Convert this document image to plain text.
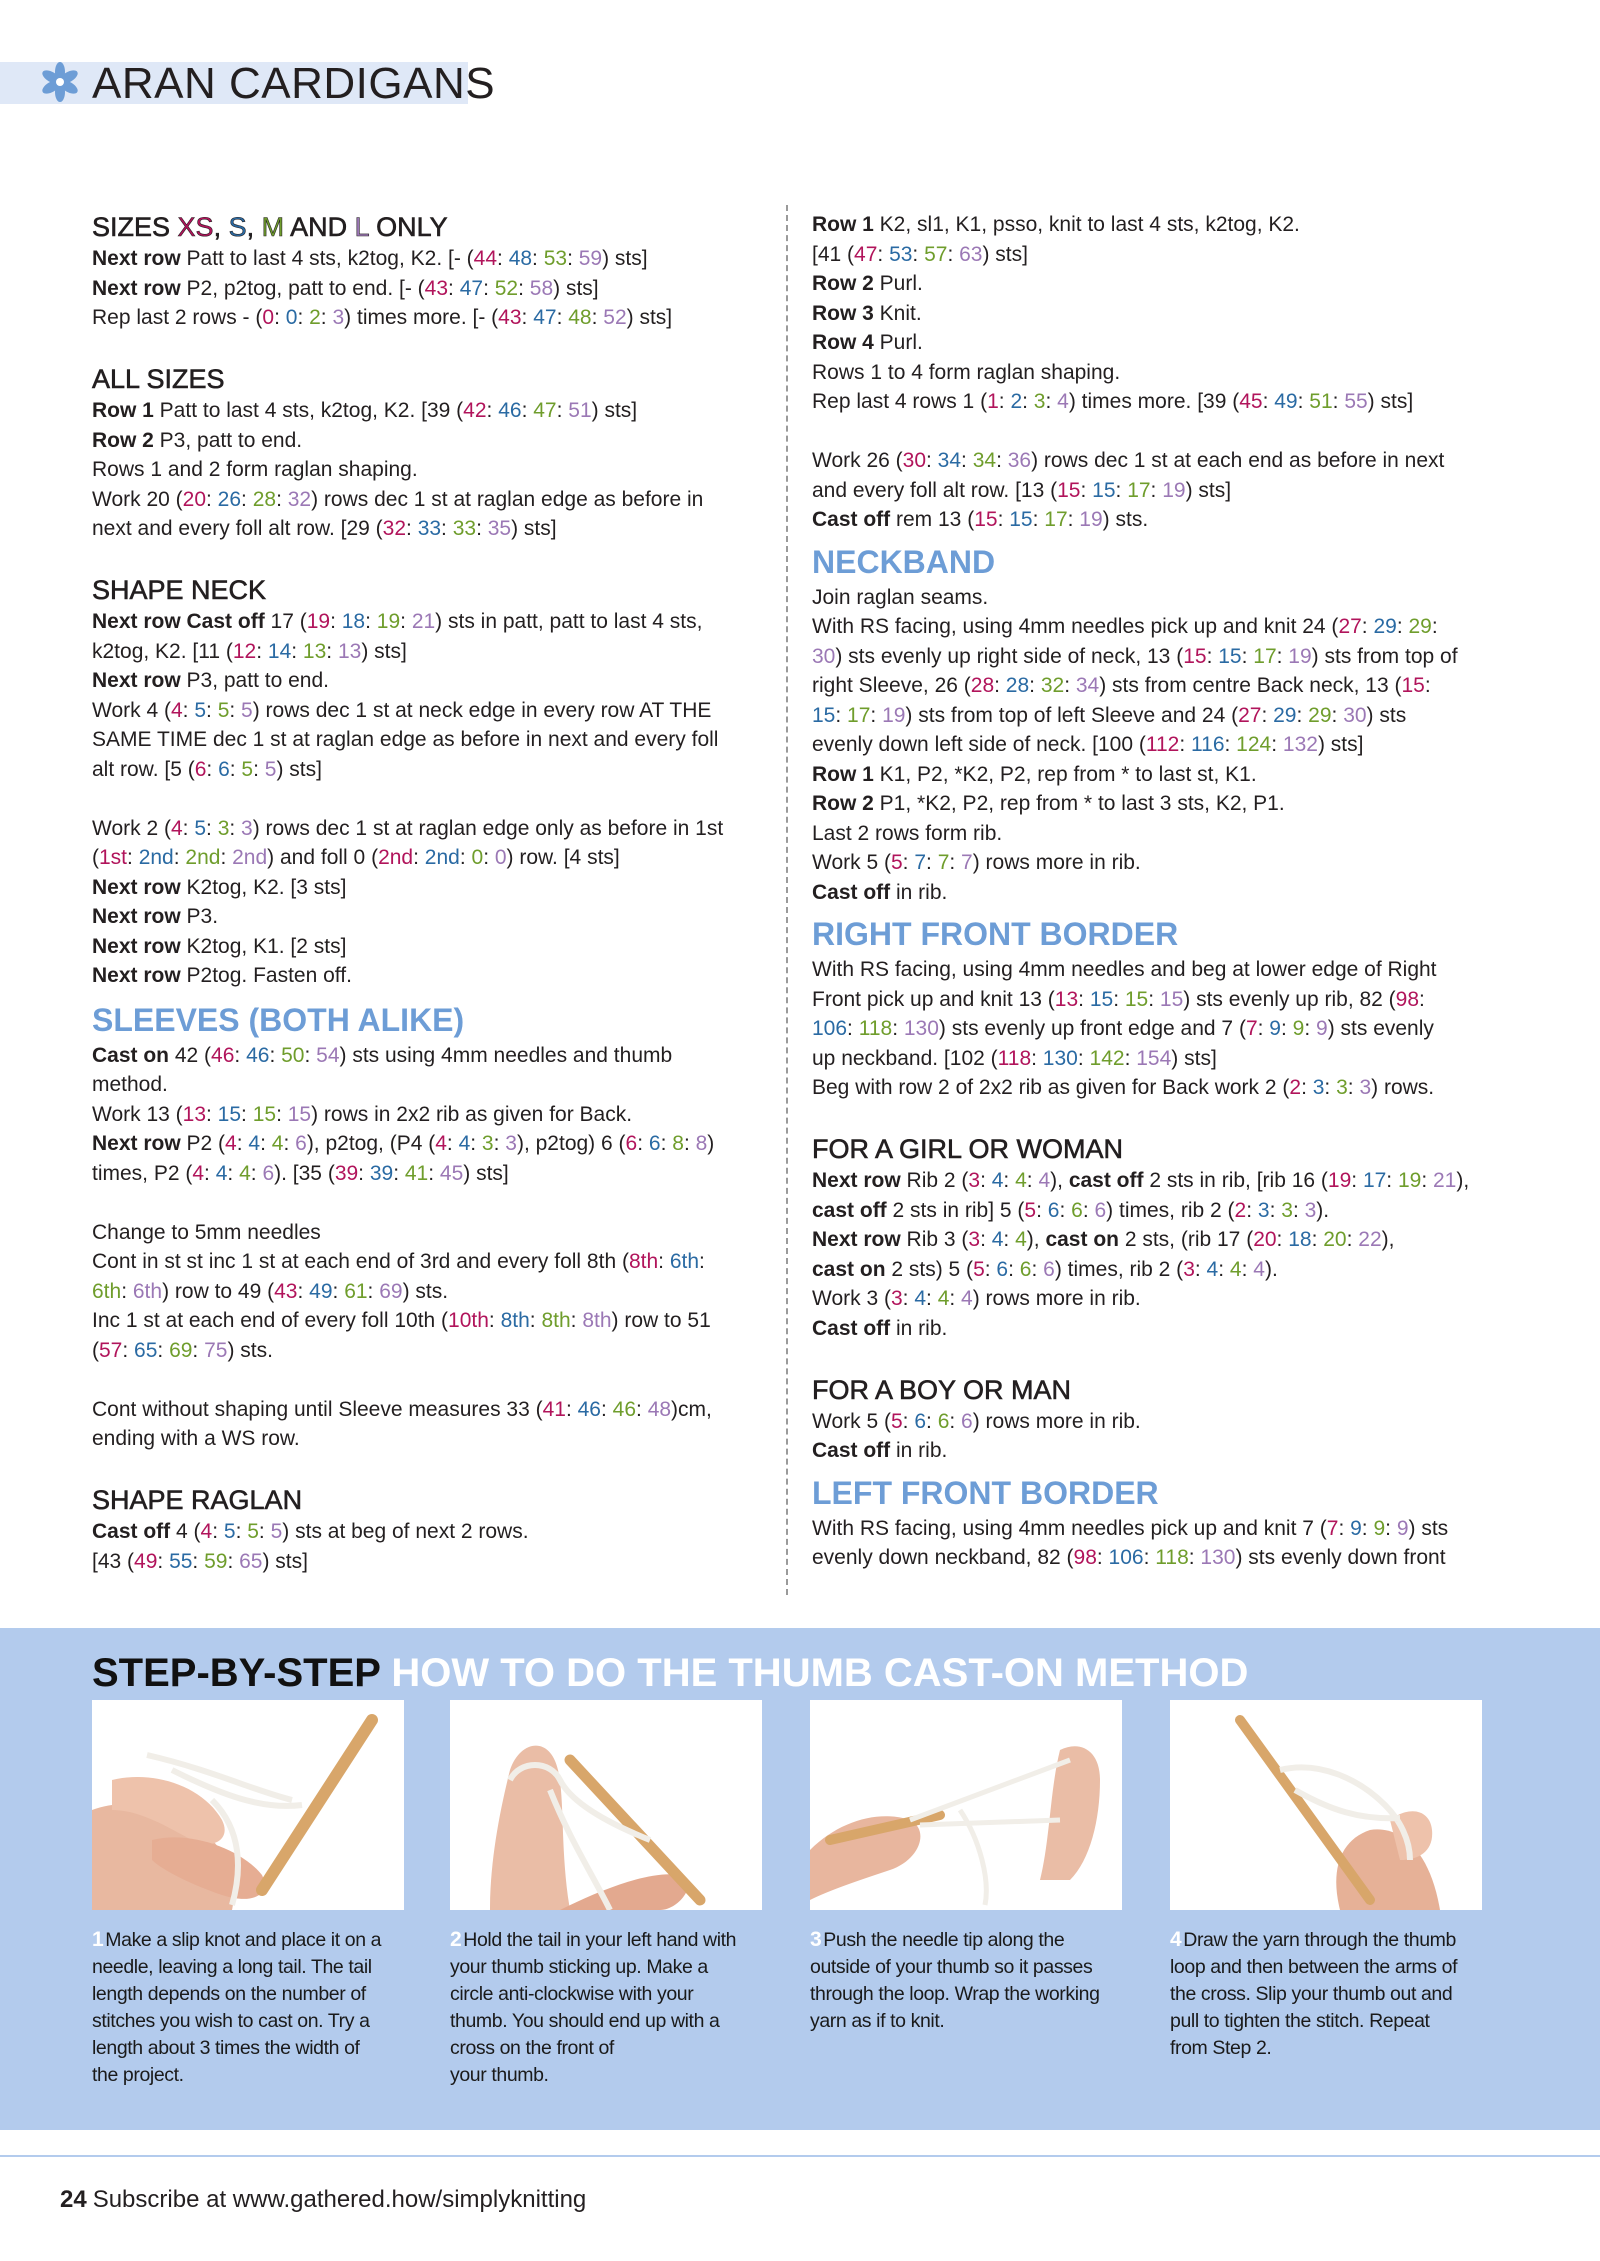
ARAN CARDIGANS
SIZES XS, S, M AND L ONLY

Next row Patt to last 4 sts, k2tog, K2. [- (44: 48: 53: 59) sts]

Next row P2, p2tog, patt to end. [- (43: 47: 52: 58) sts]

Rep last 2 rows - (0: 0: 2: 3) times more. [- (43: 47: 48: 52) sts]

ALL SIZES

Row 1 Patt to last 4 sts, k2tog, K2. [39 (42: 46: 47: 51) sts]

Row 2 P3, patt to end.

Rows 1 and 2 form raglan shaping.

Work 20 (20: 26: 28: 32) rows dec 1 st at raglan edge as before in

next and every foll alt row. [29 (32: 33: 33: 35) sts]

SHAPE NECK

Next row Cast off 17 (19: 18: 19: 21) sts in patt, patt to last 4 sts,

k2tog, K2. [11 (12: 14: 13: 13) sts]

Next row P3, patt to end.

Work 4 (4: 5: 5: 5) rows dec 1 st at neck edge in every row AT THE

SAME TIME dec 1 st at raglan edge as before in next and every foll

alt row. [5 (6: 6: 5: 5) sts]

Work 2 (4: 5: 3: 3) rows dec 1 st at raglan edge only as before in 1st

(1st: 2nd: 2nd: 2nd) and foll 0 (2nd: 2nd: 0: 0) row. [4 sts]

Next row K2tog, K2. [3 sts]

Next row P3.

Next row K2tog, K1. [2 sts]

Next row P2tog. Fasten off.

SLEEVES (BOTH ALIKE)

Cast on 42 (46: 46: 50: 54) sts using 4mm needles and thumb

method.

Work 13 (13: 15: 15: 15) rows in 2x2 rib as given for Back.

Next row P2 (4: 4: 4: 6), p2tog, (P4 (4: 4: 3: 3), p2tog) 6 (6: 6: 8: 8)

times, P2 (4: 4: 4: 6). [35 (39: 39: 41: 45) sts]

Change to 5mm needles

Cont in st st inc 1 st at each end of 3rd and every foll 8th (8th: 6th:

6th: 6th) row to 49 (43: 49: 61: 69) sts.

Inc 1 st at each end of every foll 10th (10th: 8th: 8th: 8th) row to 51

(57: 65: 69: 75) sts.

Cont without shaping until Sleeve measures 33 (41: 46: 46: 48)cm,

ending with a WS row.

SHAPE RAGLAN

Cast off 4 (4: 5: 5: 5) sts at beg of next 2 rows.

[43 (49: 55: 59: 65) sts]

Row 1 K2, sl1, K1, psso, knit to last 4 sts, k2tog, K2.

[41 (47: 53: 57: 63) sts]

Row 2 Purl.

Row 3 Knit.

Row 4 Purl.

Rows 1 to 4 form raglan shaping.

Rep last 4 rows 1 (1: 2: 3: 4) times more. [39 (45: 49: 51: 55) sts]

Work 26 (30: 34: 34: 36) rows dec 1 st at each end as before in next

and every foll alt row. [13 (15: 15: 17: 19) sts]

Cast off rem 13 (15: 15: 17: 19) sts.

NECKBAND

Join raglan seams.

With RS facing, using 4mm needles pick up and knit 24 (27: 29: 29:

30) sts evenly up right side of neck, 13 (15: 15: 17: 19) sts from top of

right Sleeve, 26 (28: 28: 32: 34) sts from centre Back neck, 13 (15:

15: 17: 19) sts from top of left Sleeve and 24 (27: 29: 29: 30) sts

evenly down left side of neck. [100 (112: 116: 124: 132) sts]

Row 1 K1, P2, *K2, P2, rep from * to last st, K1.

Row 2 P1, *K2, P2, rep from * to last 3 sts, K2, P1.

Last 2 rows form rib.

Work 5 (5: 7: 7: 7) rows more in rib.

Cast off in rib.

RIGHT FRONT BORDER

With RS facing, using 4mm needles and beg at lower edge of Right

Front pick up and knit 13 (13: 15: 15: 15) sts evenly up rib, 82 (98:

106: 118: 130) sts evenly up front edge and 7 (7: 9: 9: 9) sts evenly

up neckband. [102 (118: 130: 142: 154) sts]

Beg with row 2 of 2x2 rib as given for Back work 2 (2: 3: 3: 3) rows.

FOR A GIRL OR WOMAN

Next row Rib 2 (3: 4: 4: 4), cast off 2 sts in rib, [rib 16 (19: 17: 19: 21),

cast off 2 sts in rib] 5 (5: 6: 6: 6) times, rib 2 (2: 3: 3: 3).

Next row Rib 3 (3: 4: 4), cast on 2 sts, (rib 17 (20: 18: 20: 22),

cast on 2 sts) 5 (5: 6: 6: 6) times, rib 2 (3: 4: 4: 4).

Work 3 (3: 4: 4: 4) rows more in rib.

Cast off in rib.

FOR A BOY OR MAN

Work 5 (5: 6: 6: 6) rows more in rib.

Cast off in rib.

LEFT FRONT BORDER

With RS facing, using 4mm needles pick up and knit 7 (7: 9: 9: 9) sts

evenly down neckband, 82 (98: 106: 118: 130) sts evenly down front

STEP-BY-STEP HOW TO DO THE THUMB CAST-ON METHOD
1 Make a slip knot and place it on a
needle, leaving a long tail. The tail
length depends on the number of
stitches you wish to cast on. Try a
length about 3 times the width of
the project.
2 Hold the tail in your left hand with
your thumb sticking up. Make a
circle anti-clockwise with your
thumb. You should end up with a
cross on the front of
your thumb.
3 Push the needle tip along the
outside of your thumb so it passes
through the loop. Wrap the working
yarn as if to knit.
4 Draw the yarn through the thumb
loop and then between the arms of
the cross. Slip your thumb out and
pull to tighten the stitch. Repeat
from Step 2.
24 Subscribe at www.gathered.how/simplyknitting
